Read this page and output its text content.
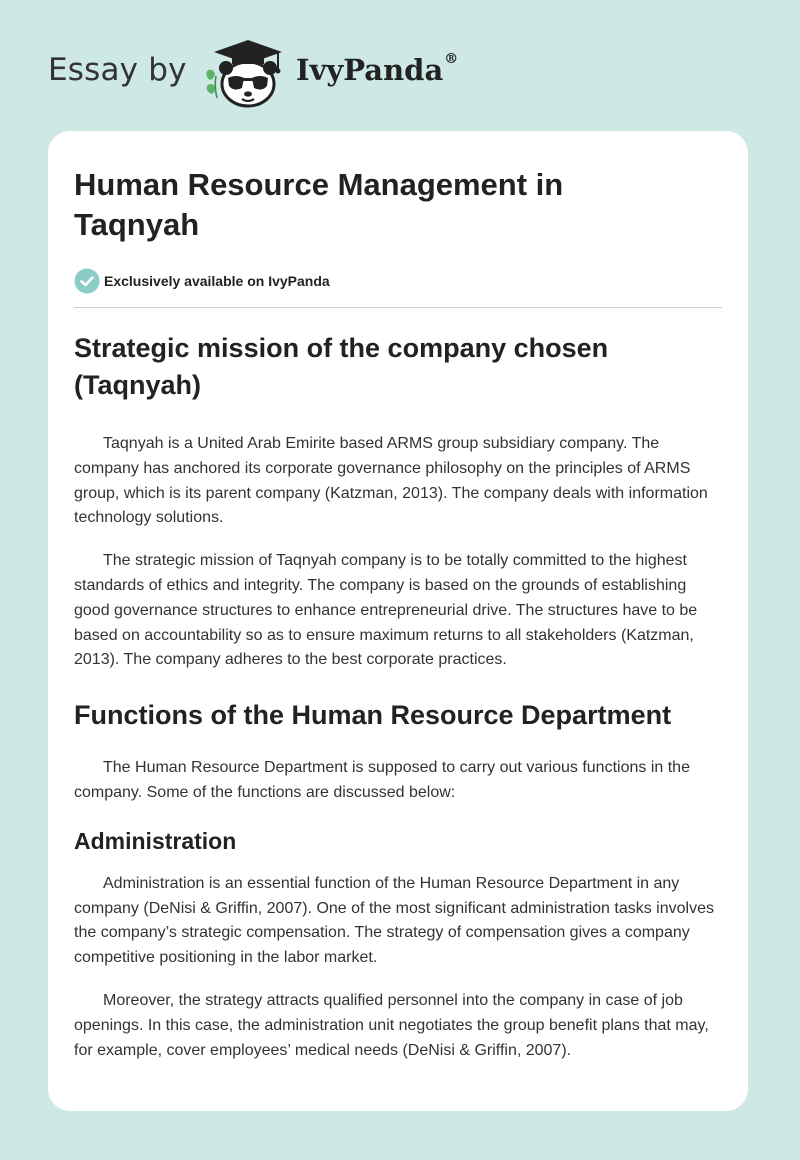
Essay by	IvyPanda®
Human Resource Management in Taqnyah
Exclusively available on IvyPanda
Strategic mission of the company chosen (Taqnyah)

Taqnyah is a United Arab Emirite based ARMS group subsidiary company. The company has anchored its corporate governance philosophy on the principles of ARMS group, which is its parent company (Katzman, 2013). The company deals with information technology solutions.

The strategic mission of Taqnyah company is to be totally committed to the highest standards of ethics and integrity. The company is based on the grounds of establishing good governance structures to enhance entrepreneurial drive. The structures have to be based on accountability so as to ensure maximum returns to all stakeholders (Katzman, 2013). The company adheres to the best corporate practices.

Functions of the Human Resource Department

The Human Resource Department is supposed to carry out various functions in the company. Some of the functions are discussed below:

Administration

Administration is an essential function of the Human Resource Department in any company (DeNisi & Griffin, 2007). One of the most significant administration tasks involves the company’s strategic compensation. The strategy of compensation gives a company competitive positioning in the labor market.

Moreover, the strategy attracts qualified personnel into the company in case of job openings. In this case, the administration unit negotiates the group benefit plans that may, for example, cover employees’ medical needs (DeNisi & Griffin, 2007).
